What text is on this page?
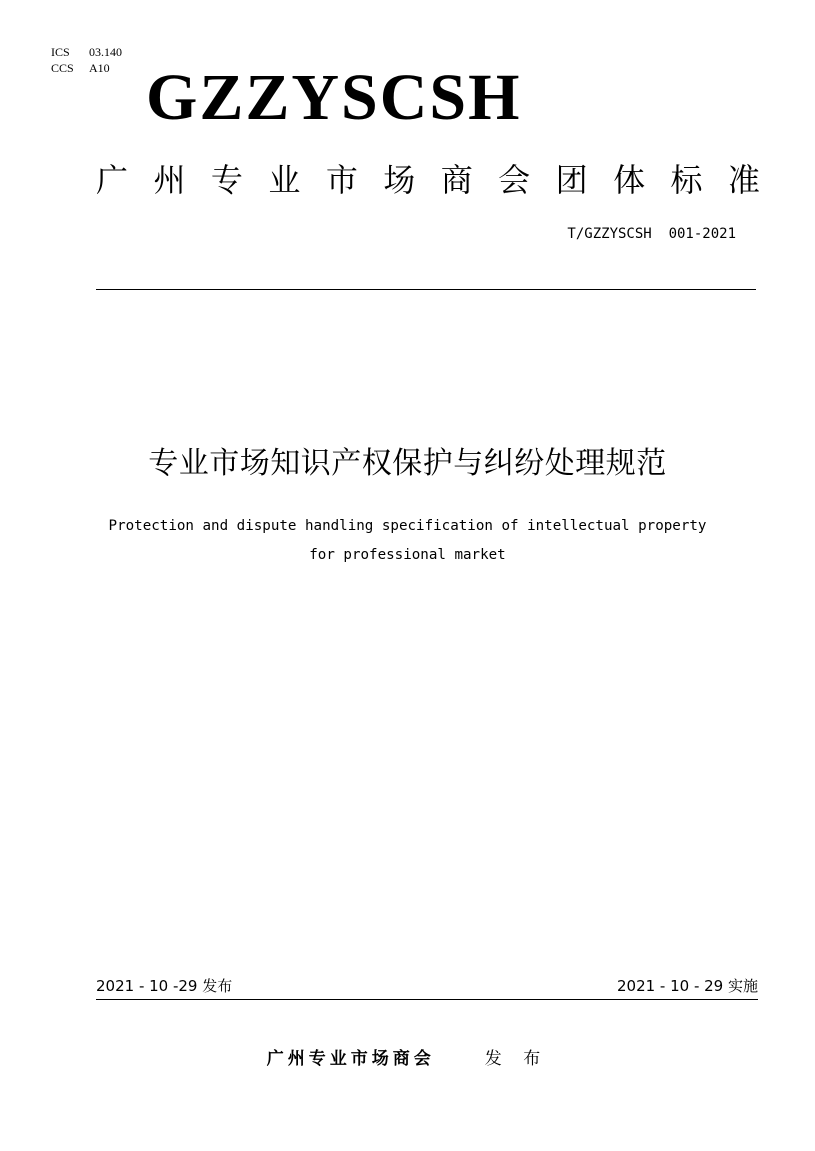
ICS 03.140
CCS A10 GZZYSCSH
广 州 专 业 市 场 商 会 团 体 标 准
T/GZZYSCSH  001-2021
专业市场知识产权保护与纠纷处理规范
Protection and dispute handling specification of intellectual property
for professional market
2021 - 10 -29 发布	2021 - 10 - 29 实施
广州专业市场商会	发 布
